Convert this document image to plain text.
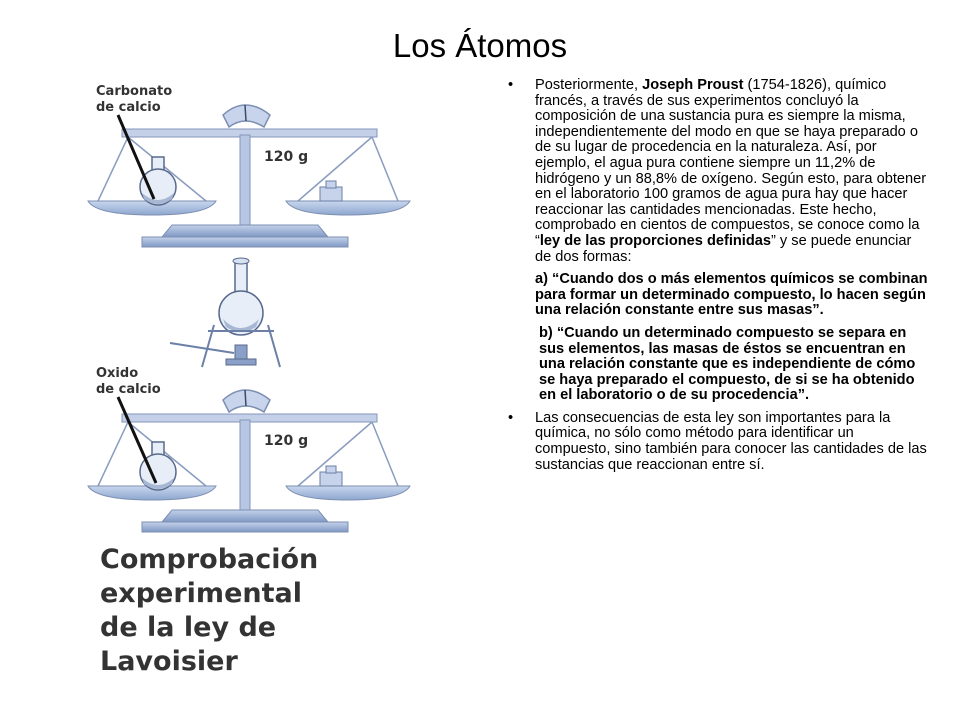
Los Átomos
Carbonato
de calcio
120 g
Oxido
de calcio
120 g
Comprobación
experimental
de la ley de
Lavoisier
• Posteriormente, Joseph Proust (1754-1826), químico francés, a través de sus experimentos concluyó la composición de una sustancia pura es siempre la misma, independientemente del modo en que se haya preparado o de su lugar de procedencia en la naturaleza. Así, por ejemplo, el agua pura contiene siempre un 11,2% de hidrógeno y un 88,8% de oxígeno. Según esto, para obtener en el laboratorio 100 gramos de agua pura hay que hacer reaccionar las cantidades mencionadas. Este hecho, comprobado en cientos de compuestos, se conoce como la “ley de las proporciones definidas” y se puede enunciar de dos formas:
a) “Cuando dos o más elementos químicos se combinan para formar un determinado compuesto, lo hacen según una relación constante entre sus masas”.
b) “Cuando un determinado compuesto se separa en sus elementos, las masas de éstos se encuentran en una relación constante que es independiente de cómo se haya preparado el compuesto, de si se ha obtenido en el laboratorio o de su procedencia”.
• Las consecuencias de esta ley son importantes para la química, no sólo como método para identificar un compuesto, sino también para conocer las cantidades de las sustancias que reaccionan entre sí.
